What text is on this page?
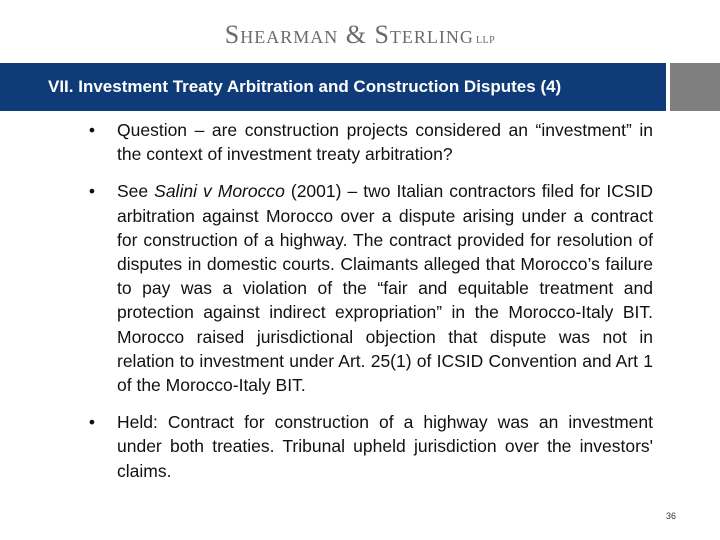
Shearman & Sterling LLP
VII. Investment Treaty Arbitration and Construction Disputes (4)
• Question – are construction projects considered an “investment” in the context of investment treaty arbitration?
• See Salini v Morocco (2001) – two Italian contractors filed for ICSID arbitration against Morocco over a dispute arising under a contract for construction of a highway. The contract provided for resolution of disputes in domestic courts. Claimants alleged that Morocco’s failure to pay was a violation of the “fair and equitable treatment and protection against indirect expropriation” in the Morocco-Italy BIT. Morocco raised jurisdictional objection that dispute was not in relation to investment under Art. 25(1) of ICSID Convention and Art 1 of the Morocco-Italy BIT.
• Held: Contract for construction of a highway was an investment under both treaties. Tribunal upheld jurisdiction over the investors' claims.
36
